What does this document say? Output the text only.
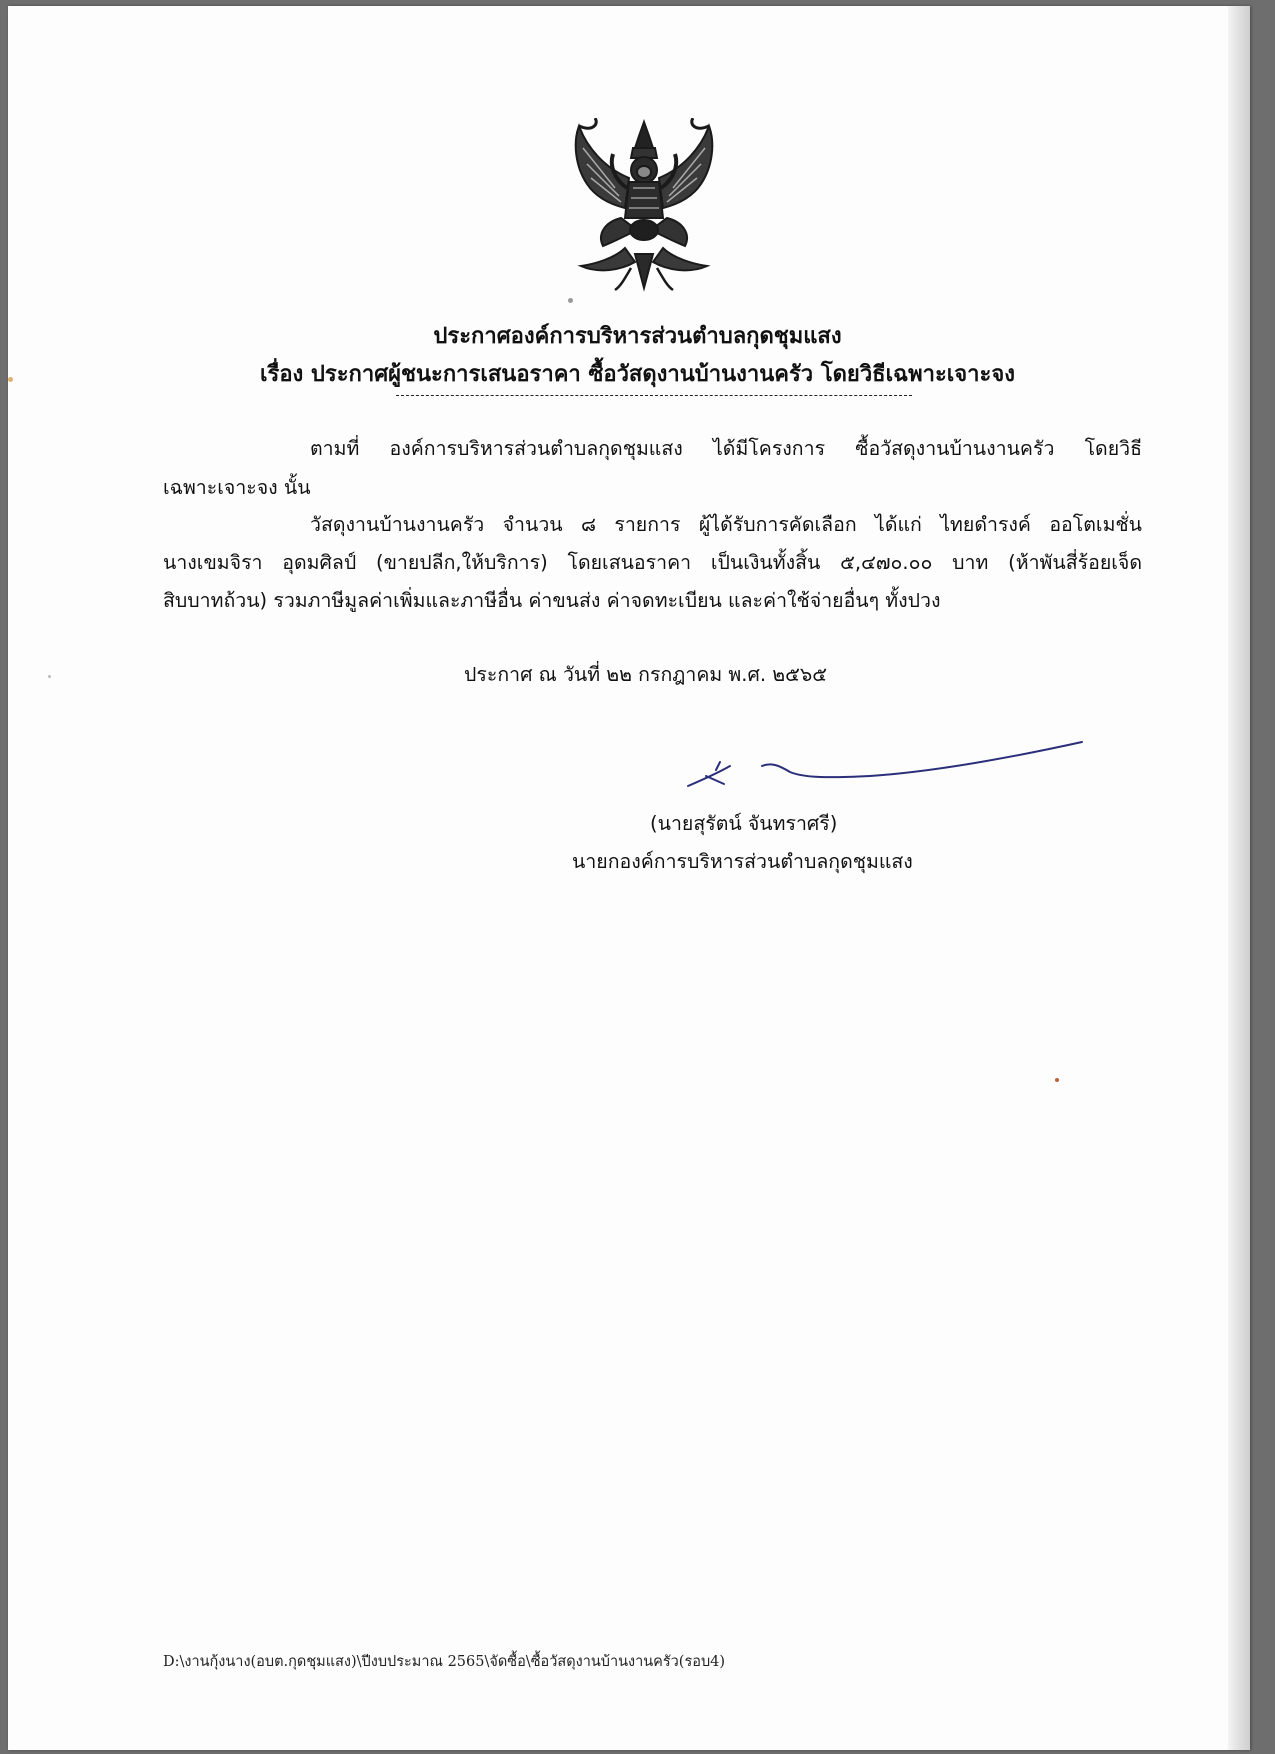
ประกาศองค์การบริหารส่วนตำบลกุดชุมแสง
เรื่อง ประกาศผู้ชนะการเสนอราคา ซื้อวัสดุงานบ้านงานครัว โดยวิธีเฉพาะเจาะจง
ตามที่ องค์การบริหารส่วนตำบลกุดชุมแสง ได้มีโครงการ ซื้อวัสดุงานบ้านงานครัว โดยวิธี
เฉพาะเจาะจง นั้น
วัสดุงานบ้านงานครัว จำนวน ๘ รายการ ผู้ได้รับการคัดเลือก ได้แก่ ไทยดำรงค์ ออโตเมชั่น
นางเขมจิรา อุดมศิลป์ (ขายปลีก,ให้บริการ) โดยเสนอราคา เป็นเงินทั้งสิ้น ๕,๔๗๐.๐๐ บาท (ห้าพันสี่ร้อยเจ็ด
สิบบาทถ้วน) รวมภาษีมูลค่าเพิ่มและภาษีอื่น ค่าขนส่ง ค่าจดทะเบียน และค่าใช้จ่ายอื่นๆ ทั้งปวง
ประกาศ ณ วันที่ ๒๒ กรกฎาคม พ.ศ. ๒๕๖๕
(นายสุรัตน์ จันทราศรี)
นายกองค์การบริหารส่วนตำบลกุดชุมแสง
D:\งานกุ้งนาง(อบต.กุดชุมแสง)\ปีงบประมาณ 2565\จัดซื้อ\ซื้อวัสดุงานบ้านงานครัว(รอบ4)
